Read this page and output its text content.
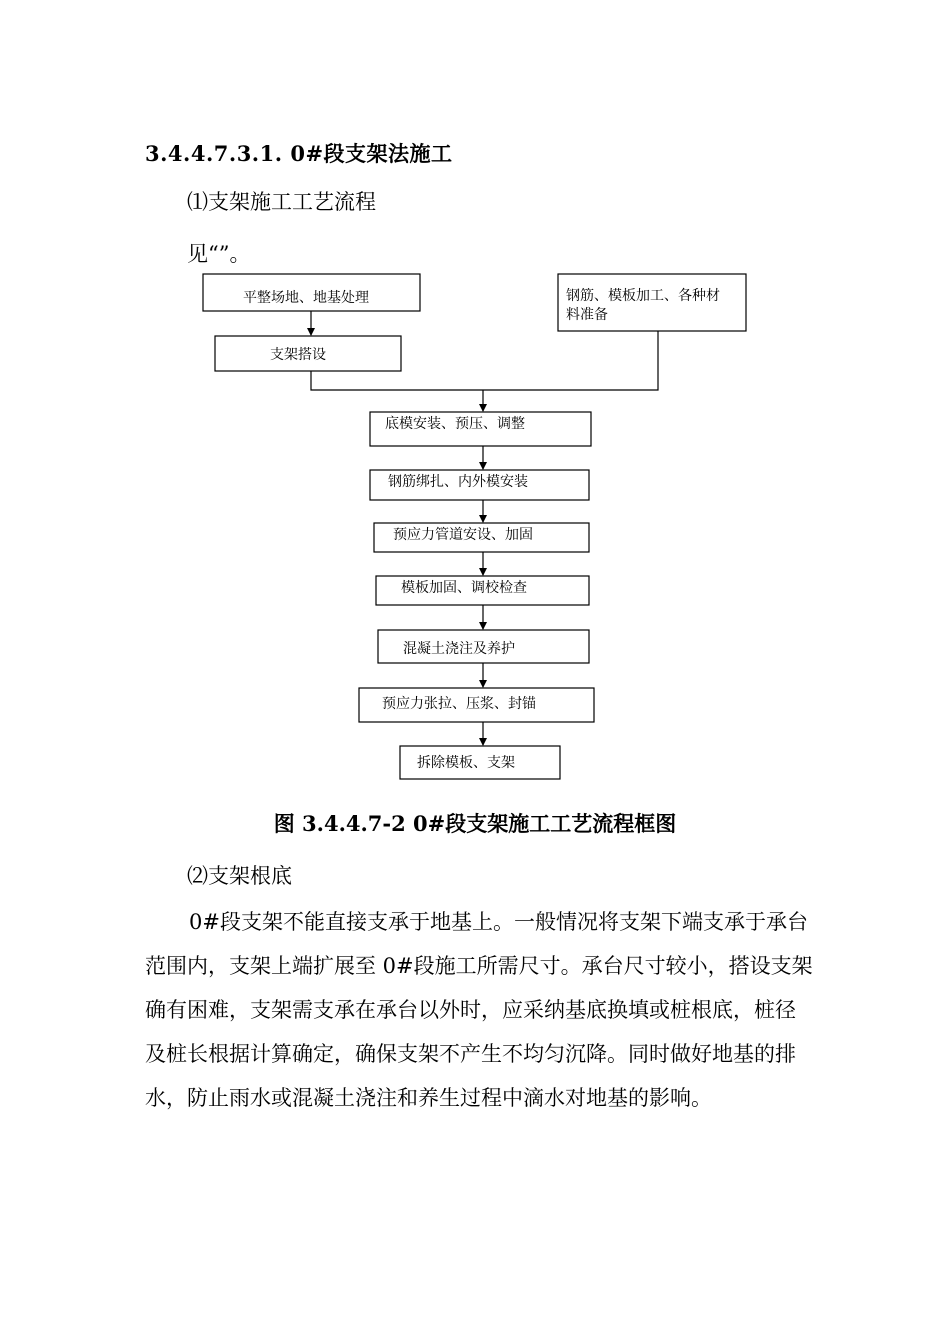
3.4.4.7.3.1. 0#段支架法施工
⑴支架施工工艺流程
见“”。
平整场地、地基处理	钢筋、模板加工、各种材
料准备
支架搭设
底模安装、预压、调整
钢筋绑扎、内外模安装
预应力管道安设、加固
模板加固、调校检查
混凝土浇注及养护
预应力张拉、压浆、封锚
拆除模板、支架
图 3.4.4.7-2 0#段支架施工工艺流程框图
⑵支架根底
0#段支架不能直接支承于地基上。一般情况将支架下端支承于承台范围内，支架上端扩展至 0#段施工所需尺寸。承台尺寸较小，搭设支架确有困难，支架需支承在承台以外时，应采纳基底换填或桩根底，桩径及桩长根据计算确定，确保支架不产生不均匀沉降。同时做好地基的排水，防止雨水或混凝土浇注和养生过程中滴水对地基的影响。
